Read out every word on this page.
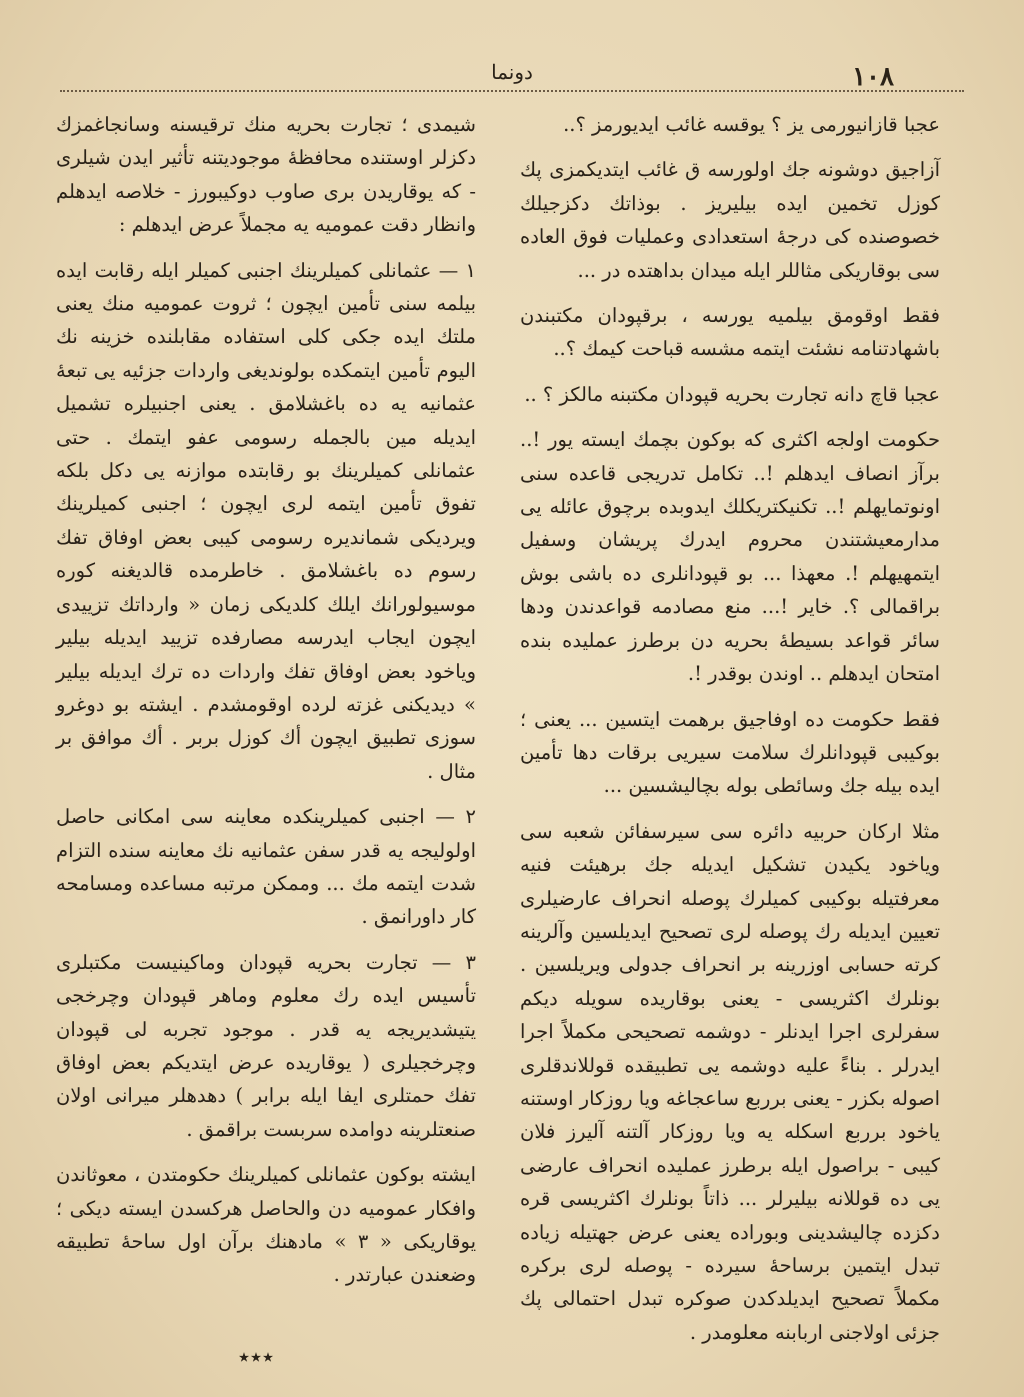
١٠٨
دونما

عجبا قازانيورمى يز ؟ يوقسه غائب ايديورمز ؟..

آزاجيق دوشونه جك اولورسه ق غائب ايتديكمزى پك كوزل تخمين ايده بيليريز . بوذاتك دكزجيلك خصوصنده كى درجهٔ استعدادى وعمليات فوق العاده سى بوقاريكى مثاللر ايله ميدان بداهتده در ...

فقط اوقومق بيلميه يورسه ، برقپودان مكتبندن باشهادتنامه نشئت ايتمه مشسه قباحت كيمك ؟..

عجبا قاچ دانه تجارت بحريه قپودان مكتبنه مالكز ؟ ..

حكومت اولجه اكثرى كه بوكون بچمك ايسته يور !.. برآز انصاف ايدهلم !.. تكامل تدريجى قاعده سنى اونوتمايهلم !.. تكنيكتريكلك ايدوبده برچوق عائله يى مدارمعيشتندن محروم ايدرك پريشان وسفيل ايتمهيهلم !. معهذا ... بو قپودانلرى ده باشى بوش براقمالى ؟. خاير !... منع مصادمه قواعدندن ودها سائر قواعد بسيطهٔ بحريه دن برطرز عمليده بنده امتحان ايدهلم .. اوندن بوقدر !.

فقط حكومت ده اوفاجيق برهمت ايتسين ... يعنى ؛ بوكيبى قپودانلرك سلامت سيريى برقات دها تأمين ايده بيله جك وسائطى بوله بچاليشسين ...

مثلا اركان حربيه دائره سى سيرسفائن شعبه سى وياخود يكيدن تشكيل ايديله جك برهيئت فنيه معرفتيله بوكيبى كميلرك پوصله انحراف عارضيلرى تعيين ايديله رك پوصله لرى تصحيح ايديلسين وآلرينه كرته حسابى اوزرينه بر انحراف جدولى ويريلسين . بونلرك اكثريسى - يعنى بوقاريده سويله ديكم سفرلرى اجرا ايدنلر - دوشمه تصحيحى مكملاً اجرا ايدرلر . بناءً عليه دوشمه يى تطبيقده قوللاندقلرى اصوله بكزر - يعنى برربع ساعجاغه ويا روزكار اوستنه ياخود برربع اسكله يه ويا روزكار آلتنه آليرز فلان كيبى - براصول ايله برطرز عمليده انحراف عارضى يى ده قوللانه بيليرلر ... ذاتاً بونلرك اكثريسى قره دكزده چاليشدينى وبوراده يعنى عرض جهتيله زياده تبدل ايتمين برساحهٔ سيرده - پوصله لرى بركره مكملاً تصحيح ايديلدكدن صوكره تبدل احتمالى پك جزئى اولاجنى اربابنه معلومدر .

شيمدى ؛ تجارت بحريه منك ترقيسنه وسانجاغمزك دكزلر اوستنده محافظهٔ موجوديتنه تأثير ايدن شيلرى - كه يوقاريدن برى صاوب دوكيبورز - خلاصه ايدهلم وانظار دقت عموميه يه مجملاً عرض ايدهلم :

١ — عثمانلى كميلرينك اجنبى كميلر ايله رقابت ايده بيلمه سنى تأمين ايچون ؛ ثروت عموميه منك يعنى ملتك ايده جكى كلى استفاده مقابلنده خزينه نك اليوم تأمين ايتمكده بولونديغى واردات جزئيه يى تبعهٔ عثمانيه يه ده باغشلامق . يعنى اجنبيلره تشميل ايديله مين بالجمله رسومى عفو ايتمك . حتى عثمانلى كميلرينك بو رقابتده موازنه يى دكل بلكه تفوق تأمين ايتمه لرى ايچون ؛ اجنبى كميلرينك ويرديكى شمانديره رسومى كيبى بعض اوفاق تفك رسوم ده باغشلامق . خاطرمده قالديغنه كوره موسيولورانك ايلك كلديكى زمان « وارداتك تزييدى ايچون ايجاب ايدرسه مصارفده تزييد ايديله بيلير وياخود بعض اوفاق تفك واردات ده ترك ايديله بيلير » ديديكنى غزته لرده اوقومشدم . ايشته بو دوغرو سوزى تطبيق ايچون أك كوزل بربر . أك موافق بر مثال .

٢ — اجنبى كميلرينكده معاينه سى امكانى حاصل اولوليجه يه قدر سفن عثمانيه نك معاينه سنده التزام شدت ايتمه مك ... وممكن مرتبه مساعده ومسامحه كار داورانمق .

٣ — تجارت بحريه قپودان وماكينيست مكتبلرى تأسيس ايده رك معلوم وماهر قپودان وچرخجى يتيشديريجه يه قدر . موجود تجربه لى قپودان وچرخجيلرى ( يوقاريده عرض ايتديكم بعض اوفاق تفك حمتلرى ايفا ايله برابر ) دهدهلر ميرانى اولان صنعتلرينه دوامده سربست براقمق .

ايشته بوكون عثمانلى كميلرينك حكومتدن ، معوثاندن وافكار عموميه دن والحاصل هركسدن ايسته ديكى ؛ يوقاريكى « ٣ » مادهنك برآن اول ساحهٔ تطبيقه وضعندن عبارتدر .

٭٭٭
